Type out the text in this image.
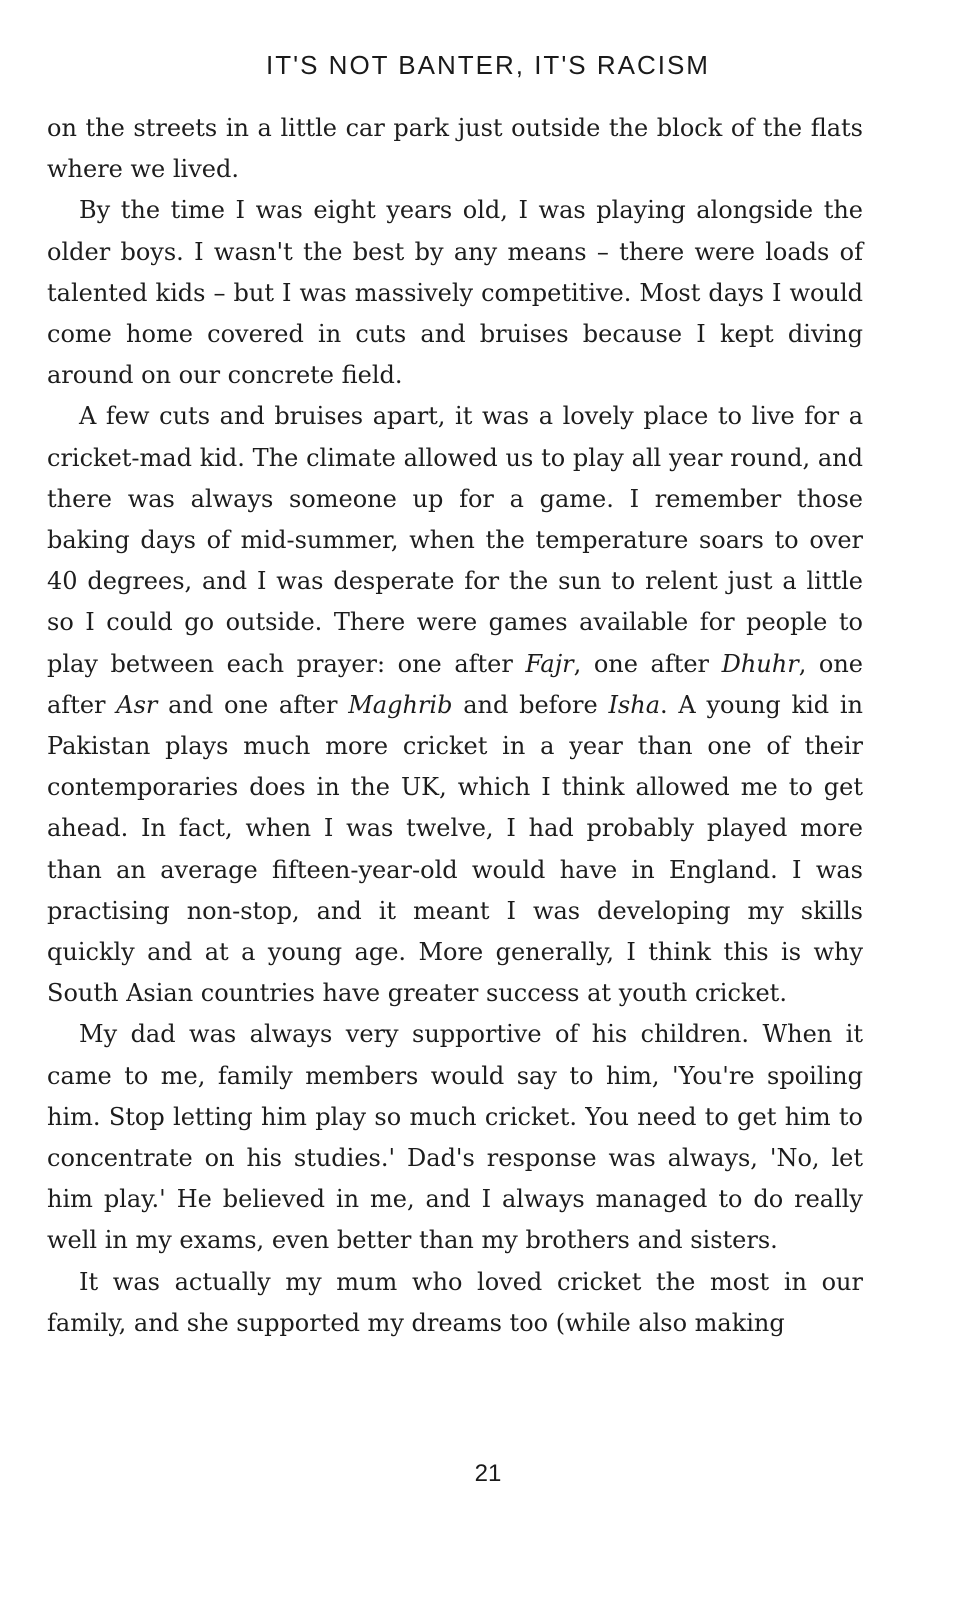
IT'S NOT BANTER, IT'S RACISM

on the streets in a little car park just outside the block of the flats where we lived.

By the time I was eight years old, I was playing alongside the older boys. I wasn't the best by any means – there were loads of talented kids – but I was massively competitive. Most days I would come home covered in cuts and bruises because I kept diving around on our concrete field.

A few cuts and bruises apart, it was a lovely place to live for a cricket-mad kid. The climate allowed us to play all year round, and there was always someone up for a game. I remember those baking days of mid-summer, when the temperature soars to over 40 degrees, and I was desperate for the sun to relent just a little so I could go outside. There were games available for people to play between each prayer: one after Fajr, one after Dhuhr, one after Asr and one after Maghrib and before Isha. A young kid in Pakistan plays much more cricket in a year than one of their contemporaries does in the UK, which I think allowed me to get ahead. In fact, when I was twelve, I had probably played more than an average fifteen-year-old would have in England. I was practising non-stop, and it meant I was developing my skills quickly and at a young age. More generally, I think this is why South Asian countries have greater success at youth cricket.

My dad was always very supportive of his children. When it came to me, family members would say to him, 'You're spoiling him. Stop letting him play so much cricket. You need to get him to concentrate on his studies.' Dad's response was always, 'No, let him play.' He believed in me, and I always managed to do really well in my exams, even better than my brothers and sisters.

It was actually my mum who loved cricket the most in our family, and she supported my dreams too (while also making

21
